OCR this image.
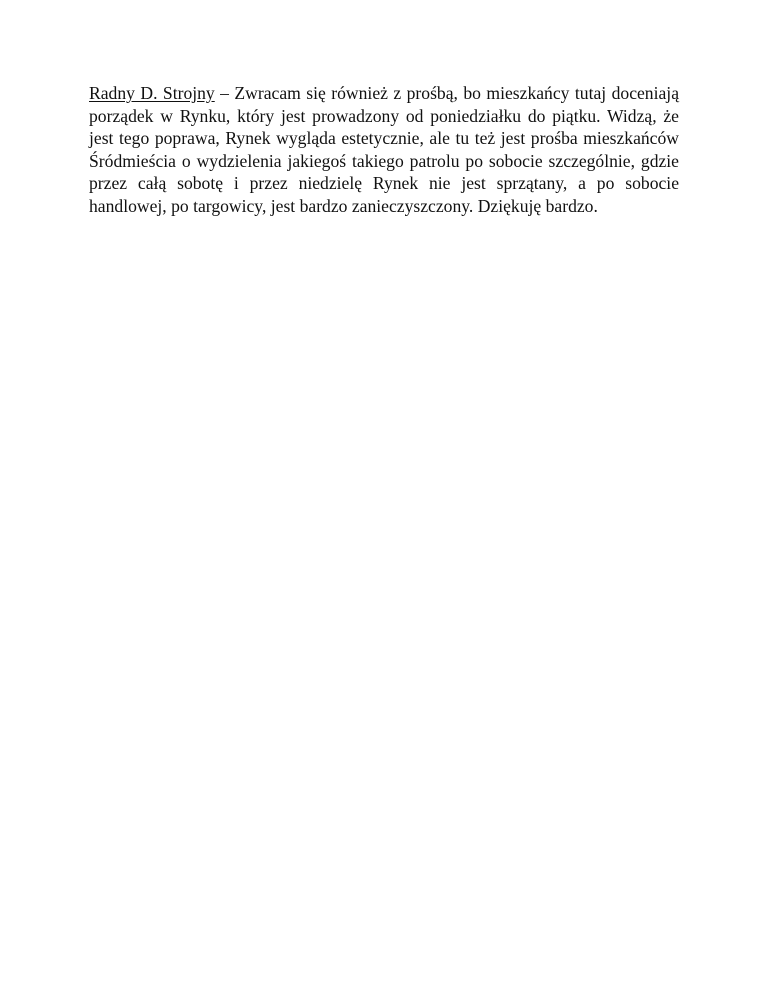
Radny D. Strojny – Zwracam się również z prośbą, bo mieszkańcy tutaj doceniają porządek w Rynku, który jest prowadzony od poniedziałku do piątku. Widzą, że jest tego poprawa, Rynek wygląda estetycznie, ale tu też jest prośba mieszkańców Śródmieścia o wydzielenia jakiegoś takiego patrolu po sobocie szczególnie, gdzie przez całą sobotę i przez niedzielę Rynek nie jest sprzątany, a po sobocie handlowej, po targowicy, jest bardzo zanieczyszczony. Dziękuję bardzo.
